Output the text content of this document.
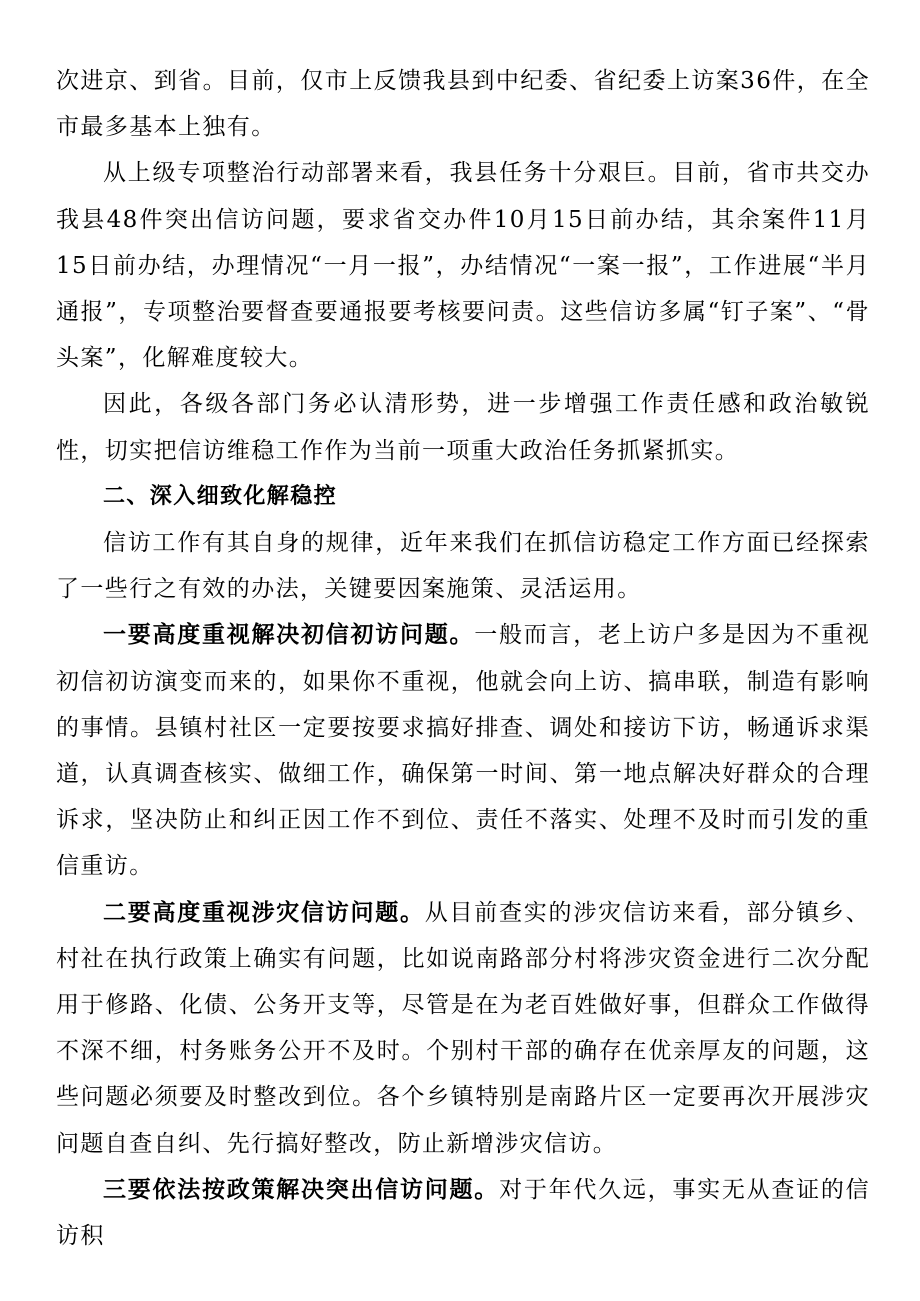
次进京、到省。目前，仅市上反馈我县到中纪委、省纪委上访案36件，在全市最多基本上独有。

从上级专项整治行动部署来看，我县任务十分艰巨。目前，省市共交办我县48件突出信访问题，要求省交办件10月15日前办结，其余案件11月15日前办结，办理情况“一月一报”，办结情况“一案一报”，工作进展“半月通报”，专项整治要督查要通报要考核要问责。这些信访多属“钉子案”、“骨头案”，化解难度较大。

因此，各级各部门务必认清形势，进一步增强工作责任感和政治敏锐性，切实把信访维稳工作作为当前一项重大政治任务抓紧抓实。

二、深入细致化解稳控

信访工作有其自身的规律，近年来我们在抓信访稳定工作方面已经探索了一些行之有效的办法，关键要因案施策、灵活运用。

一要高度重视解决初信初访问题。一般而言，老上访户多是因为不重视初信初访演变而来的，如果你不重视，他就会向上访、搞串联，制造有影响的事情。县镇村社区一定要按要求搞好排查、调处和接访下访，畅通诉求渠道，认真调查核实、做细工作，确保第一时间、第一地点解决好群众的合理诉求，坚决防止和纠正因工作不到位、责任不落实、处理不及时而引发的重信重访。

二要高度重视涉灾信访问题。从目前查实的涉灾信访来看，部分镇乡、村社在执行政策上确实有问题，比如说南路部分村将涉灾资金进行二次分配用于修路、化债、公务开支等，尽管是在为老百姓做好事，但群众工作做得不深不细，村务账务公开不及时。个别村干部的确存在优亲厚友的问题，这些问题必须要及时整改到位。各个乡镇特别是南路片区一定要再次开展涉灾问题自查自纠、先行搞好整改，防止新增涉灾信访。

三要依法按政策解决突出信访问题。对于年代久远，事实无从查证的信访积
